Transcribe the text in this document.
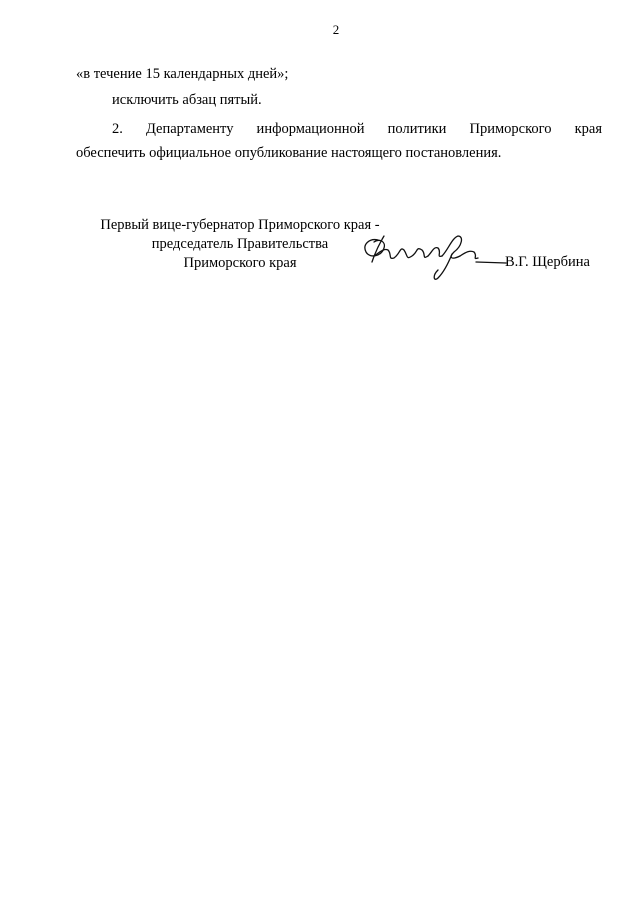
2
«в течение 15 календарных дней»;
исключить абзац пятый.
2. Департаменту информационной политики Приморского края
обеспечить официальное опубликование настоящего постановления.
Первый вице-губернатор Приморского края -
председатель Правительства
Приморского края	В.Г. Щербина
